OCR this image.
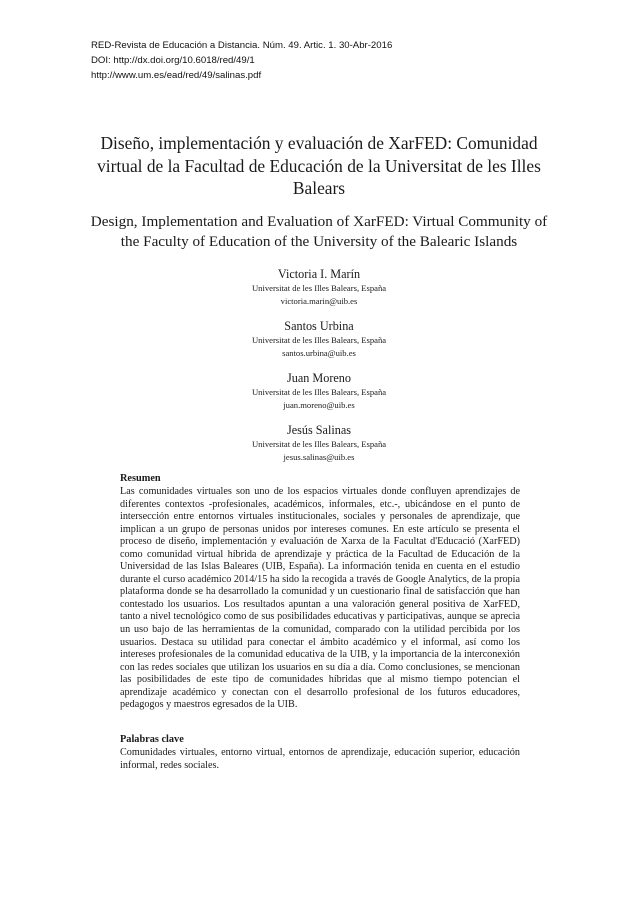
RED-Revista de Educación a Distancia. Núm. 49. Artic. 1. 30-Abr-2016
DOI: http://dx.doi.org/10.6018/red/49/1
http://www.um.es/ead/red/49/salinas.pdf
Diseño, implementación y evaluación de XarFED: Comunidad virtual de la Facultad de Educación de la Universitat de les Illes Balears
Design, Implementation and Evaluation of XarFED: Virtual Community of the Faculty of Education of the University of the Balearic Islands
Victoria I. Marín
Universitat de les Illes Balears, España
victoria.marin@uib.es
Santos Urbina
Universitat de les Illes Balears, España
santos.urbina@uib.es
Juan Moreno
Universitat de les Illes Balears, España
juan.moreno@uib.es
Jesús Salinas
Universitat de les Illes Balears, España
jesus.salinas@uib.es
Resumen

Las comunidades virtuales son uno de los espacios virtuales donde confluyen aprendizajes de diferentes contextos -profesionales, académicos, informales, etc.-, ubicándose en el punto de intersección entre entornos virtuales institucionales, sociales y personales de aprendizaje, que implican a un grupo de personas unidos por intereses comunes. En este artículo se presenta el proceso de diseño, implementación y evaluación de Xarxa de la Facultat d'Educació (XarFED) como comunidad virtual híbrida de aprendizaje y práctica de la Facultad de Educación de la Universidad de las Islas Baleares (UIB, España). La información tenida en cuenta en el estudio durante el curso académico 2014/15 ha sido la recogida a través de Google Analytics, de la propia plataforma donde se ha desarrollado la comunidad y un cuestionario final de satisfacción que han contestado los usuarios. Los resultados apuntan a una valoración general positiva de XarFED, tanto a nivel tecnológico como de sus posibilidades educativas y participativas, aunque se aprecia un uso bajo de las herramientas de la comunidad, comparado con la utilidad percibida por los usuarios. Destaca su utilidad para conectar el ámbito académico y el informal, así como los intereses profesionales de la comunidad educativa de la UIB, y la importancia de la interconexión con las redes sociales que utilizan los usuarios en su día a día. Como conclusiones, se mencionan las posibilidades de este tipo de comunidades híbridas que al mismo tiempo potencian el aprendizaje académico y conectan con el desarrollo profesional de los futuros educadores, pedagogos y maestros egresados de la UIB.

Palabras clave

Comunidades virtuales, entorno virtual, entornos de aprendizaje, educación superior, educación informal, redes sociales.
